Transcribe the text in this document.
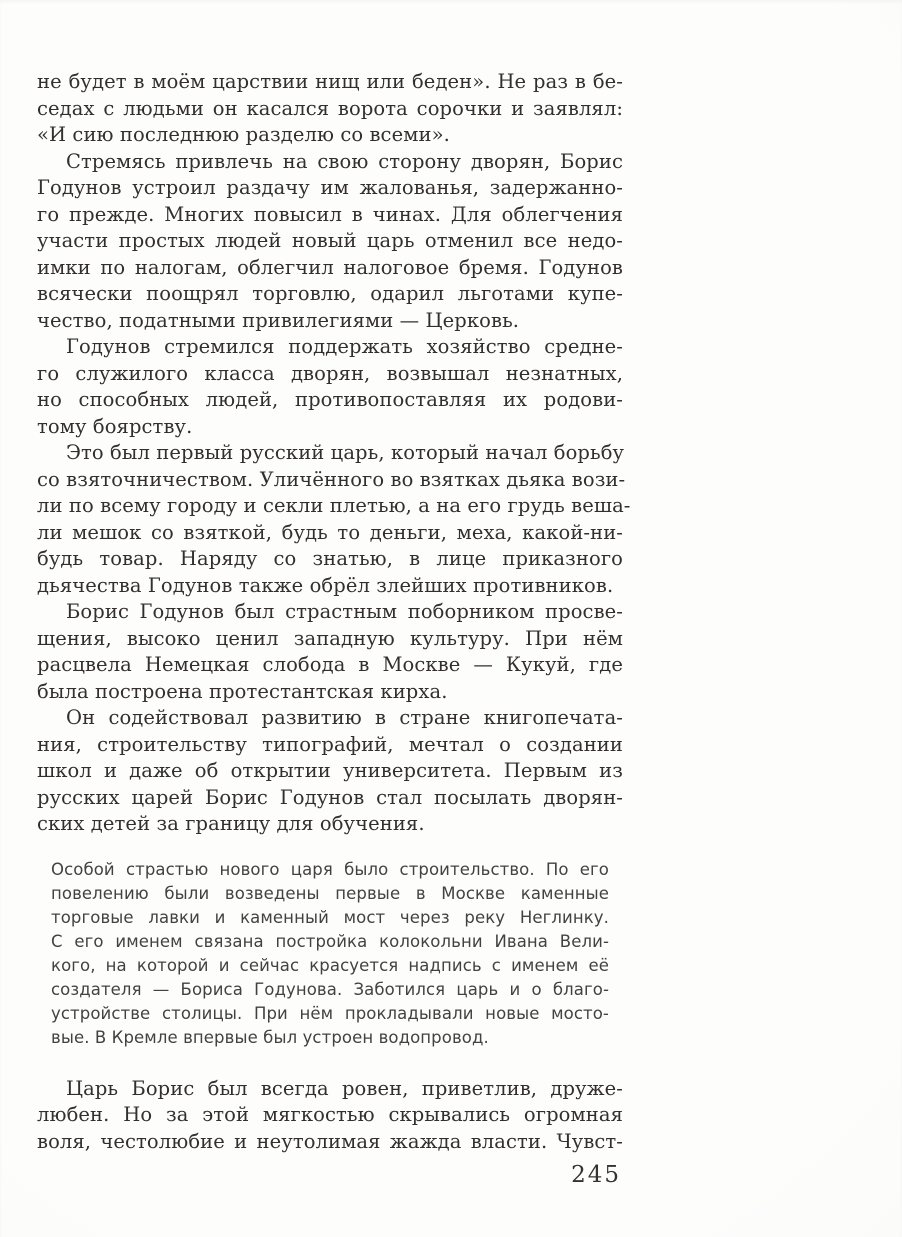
не будет в моём царствии нищ или беден». Не раз в бе-
седах с людьми он касался ворота сорочки и заявлял:
«И сию последнюю разделю со всеми».
Стремясь привлечь на свою сторону дворян, Борис
Годунов устроил раздачу им жалованья, задержанно-
го прежде. Многих повысил в чинах. Для облегчения
участи простых людей новый царь отменил все недо-
имки по налогам, облегчил налоговое бремя. Годунов
всячески поощрял торговлю, одарил льготами купе-
чество, податными привилегиями — Церковь.
Годунов стремился поддержать хозяйство средне-
го служилого класса дворян, возвышал незнатных,
но способных людей, противопоставляя их родови-
тому боярству.
Это был первый русский царь, который начал борьбу
со взяточничеством. Уличённого во взятках дьяка вози-
ли по всему городу и секли плетью, а на его грудь веша-
ли мешок со взяткой, будь то деньги, меха, какой-ни-
будь товар. Наряду со знатью, в лице приказного
дьячества Годунов также обрёл злейших противников.
Борис Годунов был страстным поборником просве-
щения, высоко ценил западную культуру. При нём
расцвела Немецкая слобода в Москве — Кукуй, где
была построена протестантская кирха.
Он содействовал развитию в стране книгопечата-
ния, строительству типографий, мечтал о создании
школ и даже об открытии университета. Первым из
русских царей Борис Годунов стал посылать дворян-
ских детей за границу для обучения.
Особой страстью нового царя было строительство. По его
повелению были возведены первые в Москве каменные
торговые лавки и каменный мост через реку Неглинку.
С его именем связана постройка колокольни Ивана Вели-
кого, на которой и сейчас красуется надпись с именем её
создателя — Бориса Годунова. Заботился царь и о благо-
устройстве столицы. При нём прокладывали новые мосто-
вые. В Кремле впервые был устроен водопровод.
Царь Борис был всегда ровен, приветлив, друже-
любен. Но за этой мягкостью скрывались огромная
воля, честолюбие и неутолимая жажда власти. Чувст-
245
